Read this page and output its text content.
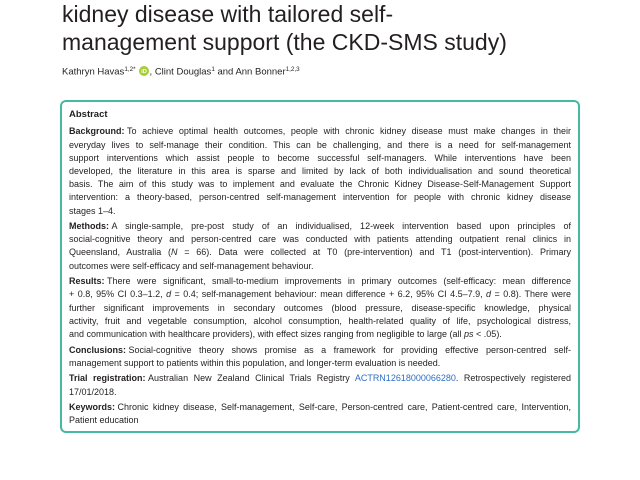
kidney disease with tailored self-
management support (the CKD-SMS study)
Kathryn Havas$^{1,2*}$ iD , Clint Douglas$^1$ and Ann Bonner$^{1,2,3}$
Abstract
Background: To achieve optimal health outcomes, people with chronic kidney disease must make changes in their
everyday lives to self-manage their condition. This can be challenging, and there is a need for self-management
support interventions which assist people to become successful self-managers. While interventions have been
developed, the literature in this area is sparse and limited by lack of both individualisation and sound theoretical
basis. The aim of this study was to implement and evaluate the Chronic Kidney Disease-Self-Management Support
intervention: a theory-based, person-centred self-management intervention for people with chronic kidney disease
stages 1–4.
Methods: A single-sample, pre-post study of an individualised, 12-week intervention based upon principles of
social-cognitive theory and person-centred care was conducted with patients attending outpatient renal clinics in
Queensland, Australia (N = 66). Data were collected at T0 (pre-intervention) and T1 (post-intervention). Primary
outcomes were self-efficacy and self-management behaviour.
Results: There were significant, small-to-medium improvements in primary outcomes (self-efficacy: mean difference
+ 0.8, 95% CI 0.3–1.2, d = 0.4; self-management behaviour: mean difference + 6.2, 95% CI 4.5–7.9, d = 0.8). There were
further significant improvements in secondary outcomes (blood pressure, disease-specific knowledge, physical
activity, fruit and vegetable consumption, alcohol consumption, health-related quality of life, psychological distress,
and communication with healthcare providers), with effect sizes ranging from negligible to large (all ps < .05).
Conclusions: Social-cognitive theory shows promise as a framework for providing effective person-centred self-
management support to patients within this population, and longer-term evaluation is needed.
Trial registration: Australian New Zealand Clinical Trials Registry ACTRN12618000066280. Retrospectively registered
17/01/2018.
Keywords: Chronic kidney disease, Self-management, Self-care, Person-centred care, Patient-centred care, Intervention,
Patient education
